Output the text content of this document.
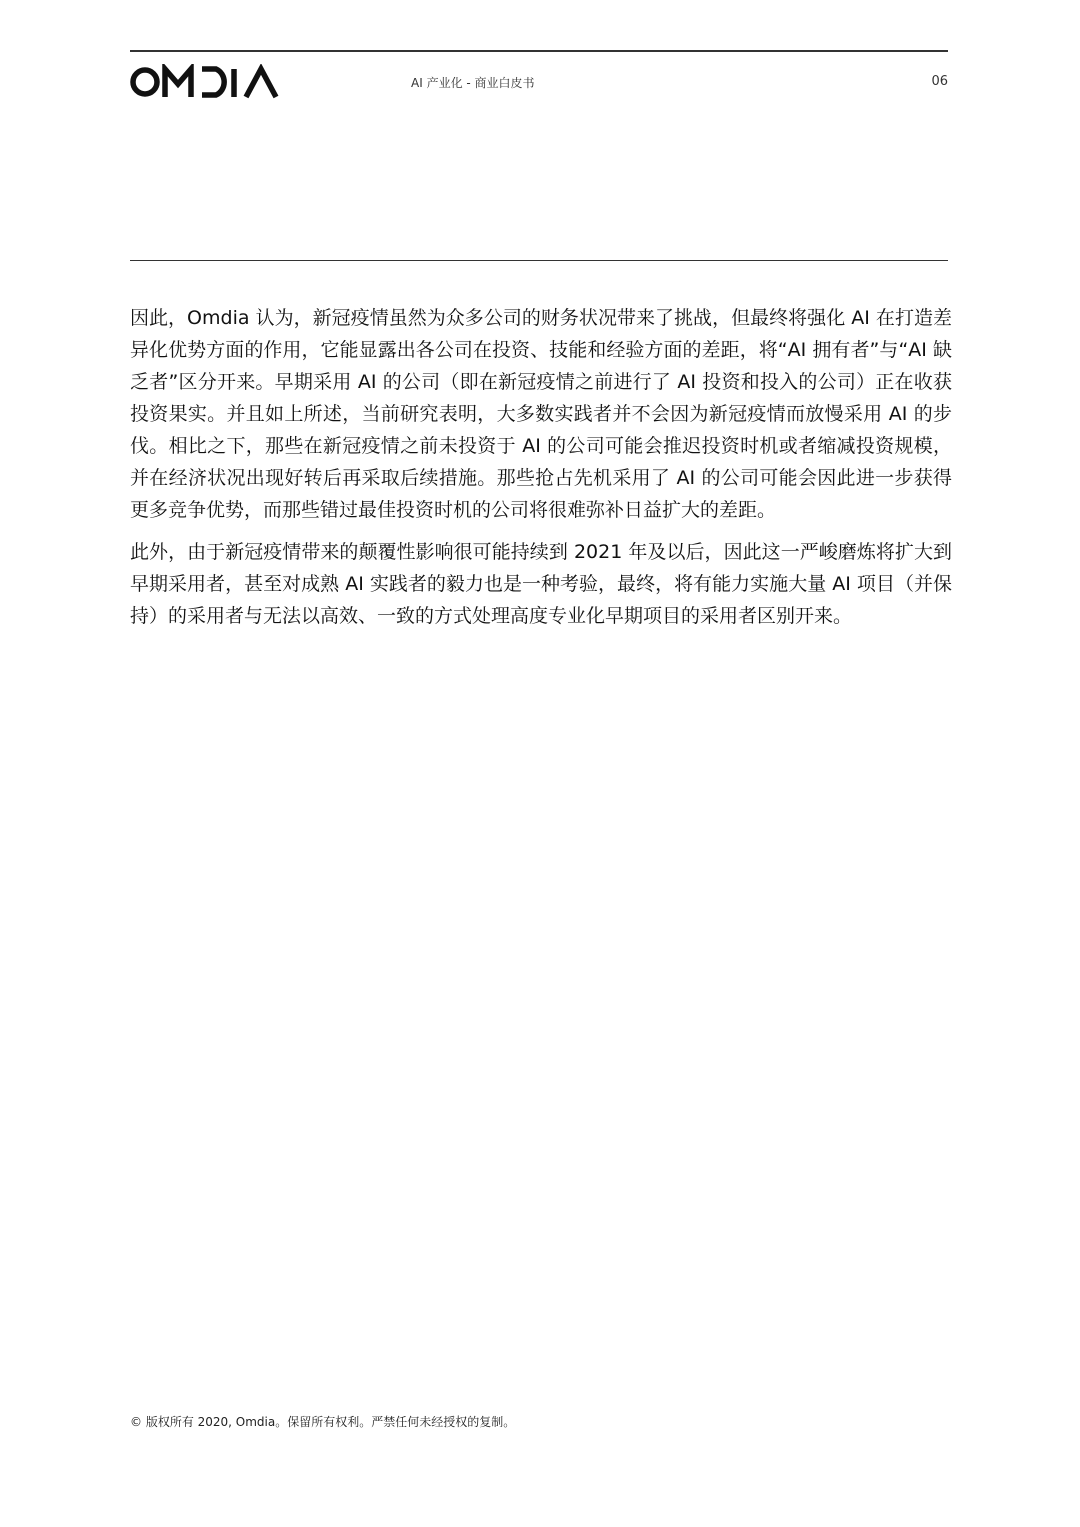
AI 产业化 - 商业白皮书	06

因此，Omdia 认为，新冠疫情虽然为众多公司的财务状况带来了挑战，但最终将强化 AI 在打造差异化优势方面的作用，它能显露出各公司在投资、技能和经验方面的差距，将“AI 拥有者”与“AI 缺乏者”区分开来。早期采用 AI 的公司（即在新冠疫情之前进行了 AI 投资和投入的公司）正在收获投资果实。并且如上所述，当前研究表明，大多数实践者并不会因为新冠疫情而放慢采用 AI 的步伐。相比之下，那些在新冠疫情之前未投资于 AI 的公司可能会推迟投资时机或者缩减投资规模，并在经济状况出现好转后再采取后续措施。那些抢占先机采用了 AI 的公司可能会因此进一步获得更多竞争优势，而那些错过最佳投资时机的公司将很难弥补日益扩大的差距。

此外，由于新冠疫情带来的颠覆性影响很可能持续到 2021 年及以后，因此这一严峻磨炼将扩大到早期采用者，甚至对成熟 AI 实践者的毅力也是一种考验，最终，将有能力实施大量 AI 项目（并保持）的采用者与无法以高效、一致的方式处理高度专业化早期项目的采用者区别开来。

© 版权所有 2020, Omdia。保留所有权利。严禁任何未经授权的复制。
